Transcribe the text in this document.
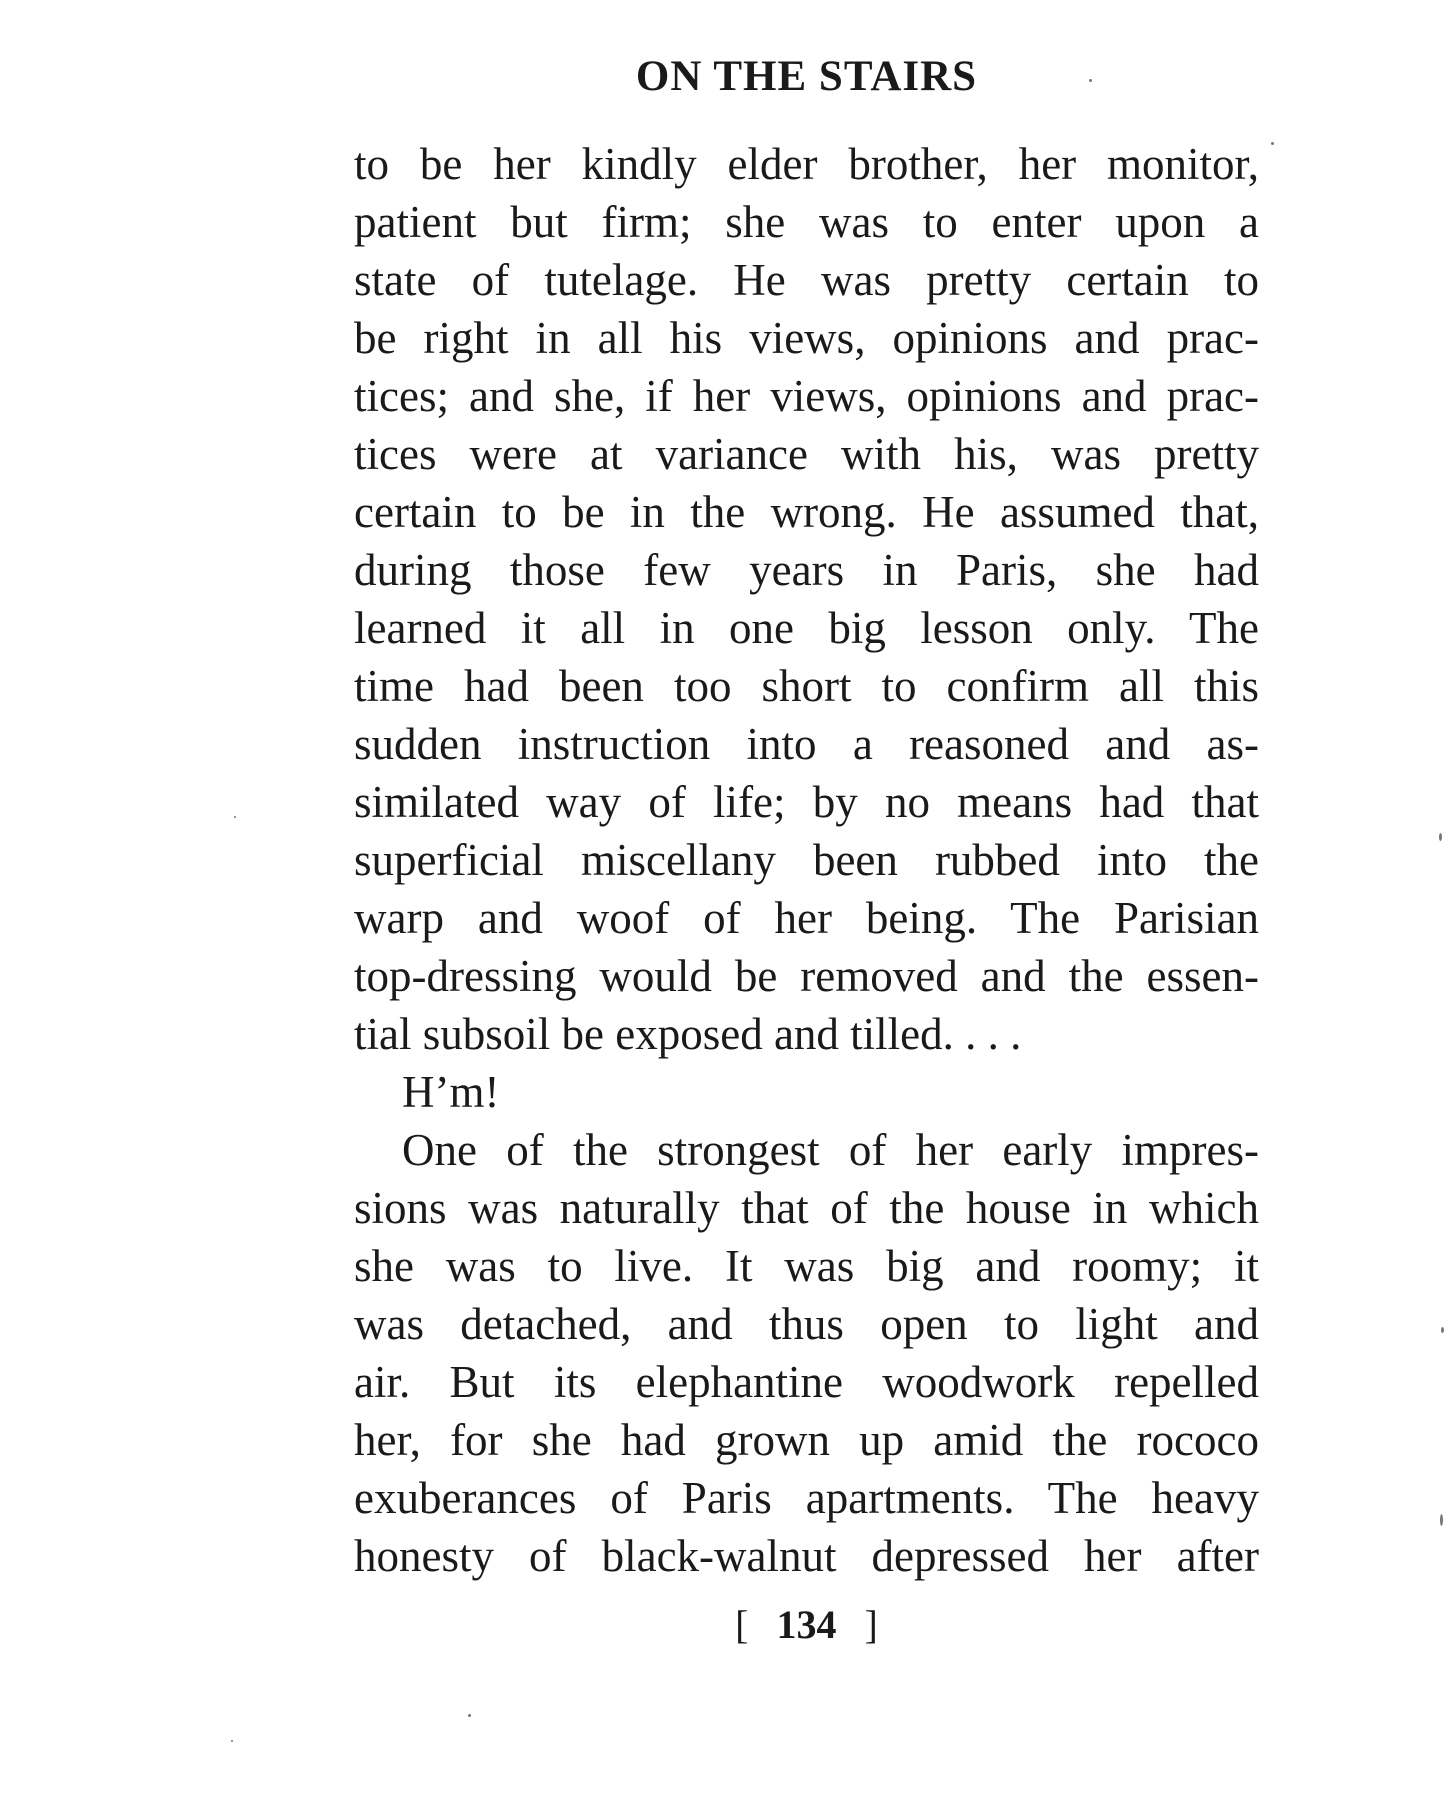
ON THE STAIRS
to be her kindly elder brother, her monitor,
patient but firm; she was to enter upon a
state of tutelage. He was pretty certain to
be right in all his views, opinions and prac-
tices; and she, if her views, opinions and prac-
tices were at variance with his, was pretty
certain to be in the wrong. He assumed that,
during those few years in Paris, she had
learned it all in one big lesson only. The
time had been too short to confirm all this
sudden instruction into a reasoned and as-
similated way of life; by no means had that
superficial miscellany been rubbed into the
warp and woof of her being. The Parisian
top-dressing would be removed and the essen-
tial subsoil be exposed and tilled. . . .
H’m!
One of the strongest of her early impres-
sions was naturally that of the house in which
she was to live. It was big and roomy; it
was detached, and thus open to light and
air. But its elephantine woodwork repelled
her, for she had grown up amid the rococo
exuberances of Paris apartments. The heavy
honesty of black-walnut depressed her after
[ 134 ]
